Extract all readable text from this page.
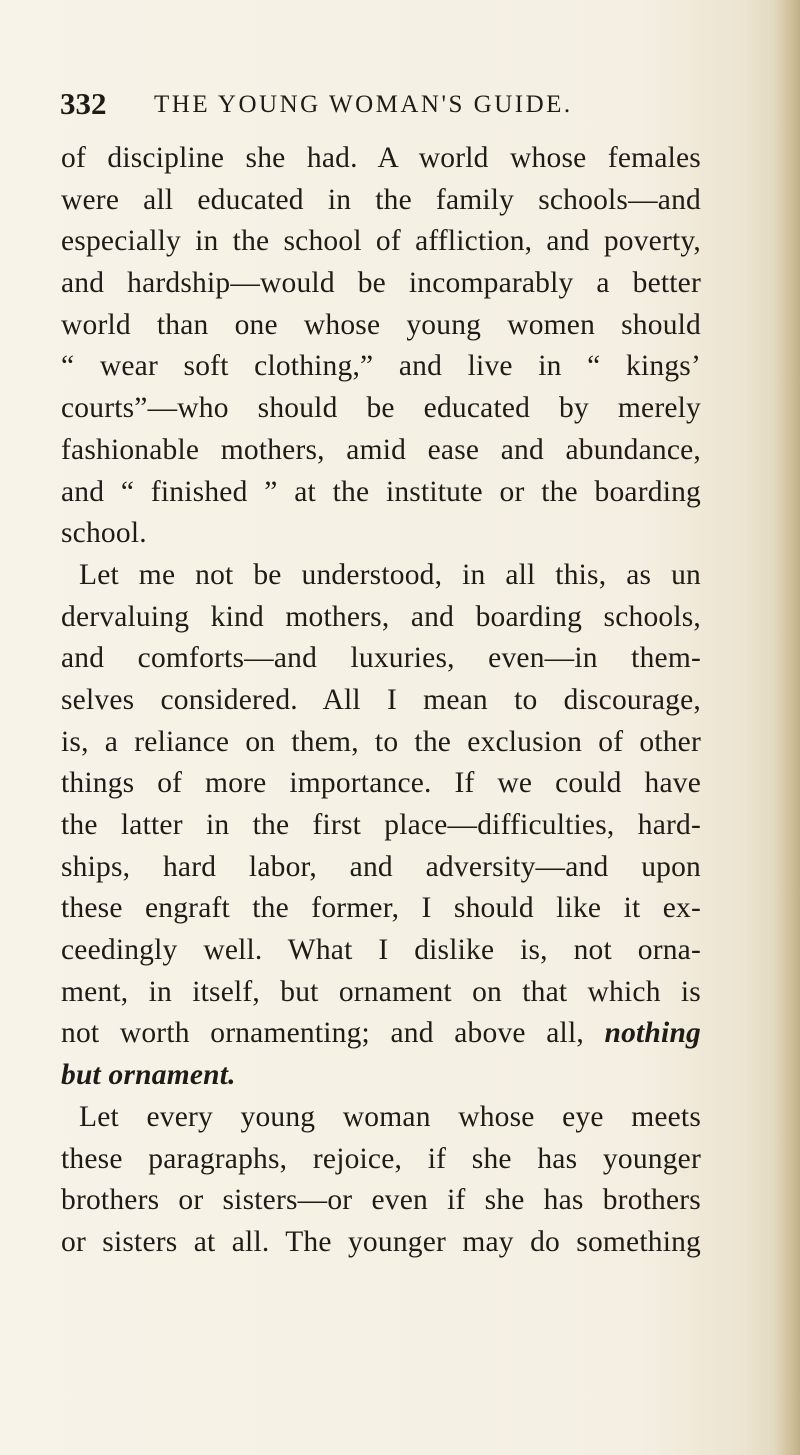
332 THE YOUNG WOMAN'S GUIDE.
of discipline she had. A world whose females
were all educated in the family schools—and
especially in the school of affliction, and poverty,
and hardship—would be incomparably a better
world than one whose young women should
“ wear soft clothing,” and live in “ kings’
courts”—who should be educated by merely
fashionable mothers, amid ease and abundance,
and “ finished ” at the institute or the boarding
school.
Let me not be understood, in all this, as un
dervaluing kind mothers, and boarding schools,
and comforts—and luxuries, even—in them-
selves considered. All I mean to discourage,
is, a reliance on them, to the exclusion of other
things of more importance. If we could have
the latter in the first place—difficulties, hard-
ships, hard labor, and adversity—and upon
these engraft the former, I should like it ex-
ceedingly well. What I dislike is, not orna-
ment, in itself, but ornament on that which is
not worth ornamenting; and above all, nothing
but ornament.
Let every young woman whose eye meets
these paragraphs, rejoice, if she has younger
brothers or sisters—or even if she has brothers
or sisters at all. The younger may do something
